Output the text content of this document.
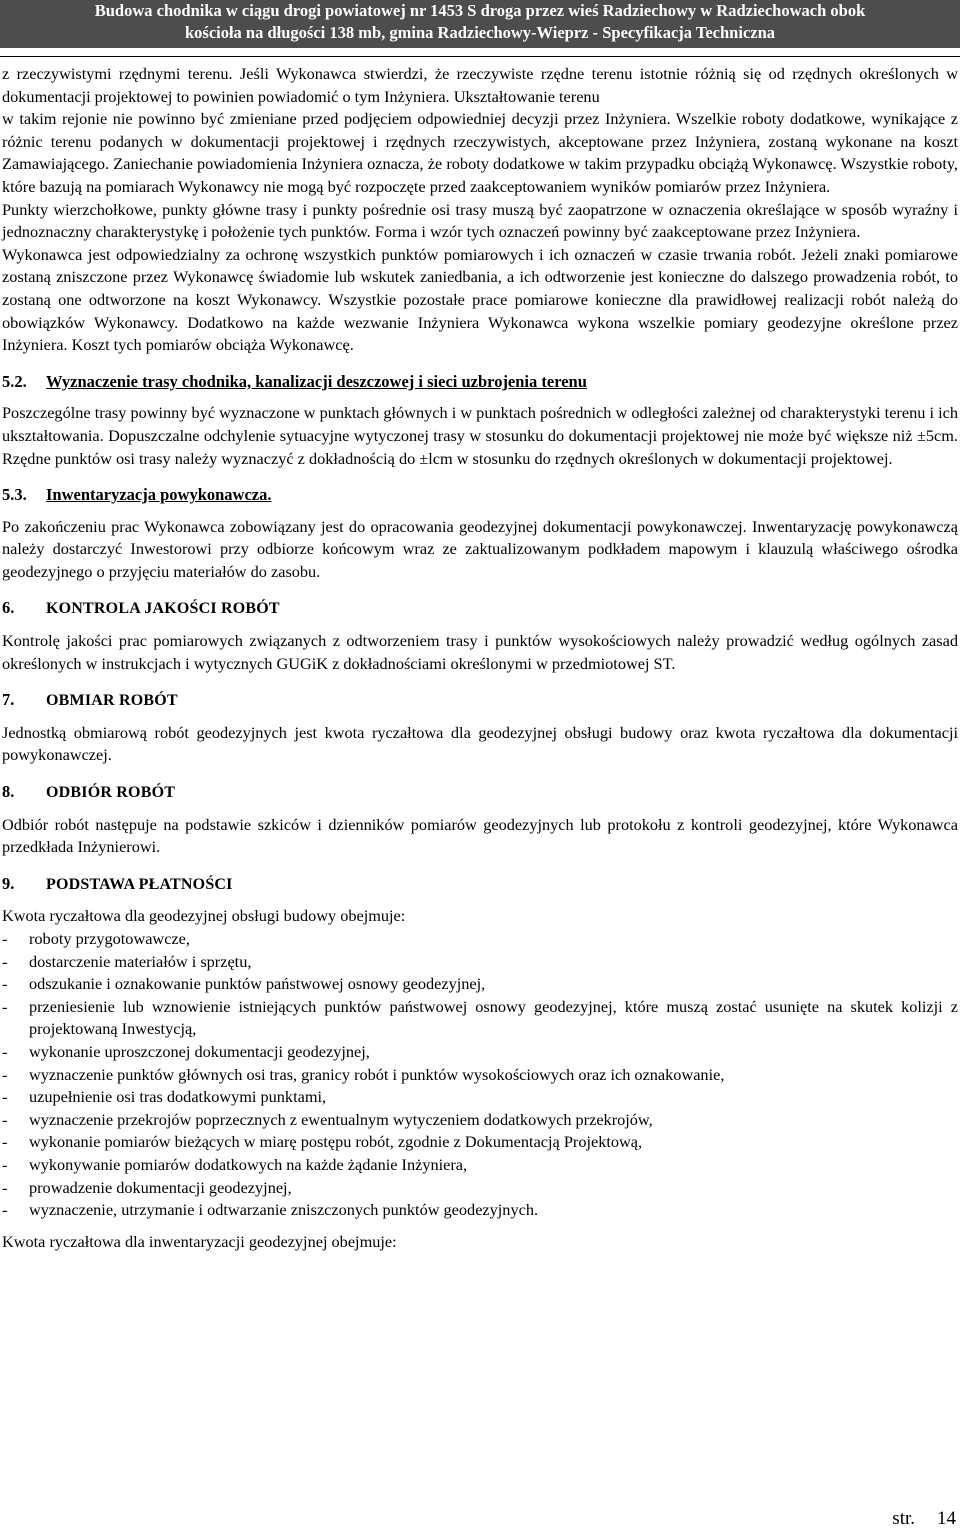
Budowa chodnika w ciągu drogi powiatowej nr 1453 S droga przez wieś Radziechowy w Radziechowach obok
kościoła na długości 138 mb, gmina Radziechowy-Wieprz - Specyfikacja Techniczna

z rzeczywistymi rzędnymi terenu. Jeśli Wykonawca stwierdzi, że rzeczywiste rzędne terenu istotnie różnią się od rzędnych określonych w dokumentacji projektowej to powinien powiadomić o tym Inżyniera. Ukształtowanie terenu

w takim rejonie nie powinno być zmieniane przed podjęciem odpowiedniej decyzji przez Inżyniera. Wszelkie roboty dodatkowe, wynikające z różnic terenu podanych w dokumentacji projektowej i rzędnych rzeczywistych, akceptowane przez Inżyniera, zostaną wykonane na koszt Zamawiającego. Zaniechanie powiadomienia Inżyniera oznacza, że roboty dodatkowe w takim przypadku obciążą Wykonawcę. Wszystkie roboty, które bazują na pomiarach Wykonawcy nie mogą być rozpoczęte przed zaakceptowaniem wyników pomiarów przez Inżyniera.

Punkty wierzchołkowe, punkty główne trasy i punkty pośrednie osi trasy muszą być zaopatrzone w oznaczenia określające w sposób wyraźny i jednoznaczny charakterystykę i położenie tych punktów. Forma i wzór tych oznaczeń powinny być zaakceptowane przez Inżyniera.

Wykonawca jest odpowiedzialny za ochronę wszystkich punktów pomiarowych i ich oznaczeń w czasie trwania robót. Jeżeli znaki pomiarowe zostaną zniszczone przez Wykonawcę świadomie lub wskutek zaniedbania, a ich odtworzenie jest konieczne do dalszego prowadzenia robót, to zostaną one odtworzone na koszt Wykonawcy. Wszystkie pozostałe prace pomiarowe konieczne dla prawidłowej realizacji robót należą do obowiązków Wykonawcy. Dodatkowo na każde wezwanie Inżyniera Wykonawca wykona wszelkie pomiary geodezyjne określone przez Inżyniera. Koszt tych pomiarów obciąża Wykonawcę.

5.2.	Wyznaczenie trasy chodnika, kanalizacji deszczowej i sieci uzbrojenia terenu

Poszczególne trasy powinny być wyznaczone w punktach głównych i w punktach pośrednich w odległości zależnej od charakterystyki terenu i ich ukształtowania. Dopuszczalne odchylenie sytuacyjne wytyczonej trasy w stosunku do dokumentacji projektowej nie może być większe niż ±5cm. Rzędne punktów osi trasy należy wyznaczyć z dokładnością do ±lcm w stosunku do rzędnych określonych w dokumentacji projektowej.

5.3.	Inwentaryzacja powykonawcza.

Po zakończeniu prac Wykonawca zobowiązany jest do opracowania geodezyjnej dokumentacji powykonawczej. Inwentaryzację powykonawczą należy dostarczyć Inwestorowi przy odbiorze końcowym wraz ze zaktualizowanym podkładem mapowym i klauzulą właściwego ośrodka geodezyjnego o przyjęciu materiałów do zasobu.

6.	KONTROLA JAKOŚCI ROBÓT

Kontrolę jakości prac pomiarowych związanych z odtworzeniem trasy i punktów wysokościowych należy prowadzić według ogólnych zasad określonych w instrukcjach i wytycznych GUGiK z dokładnościami określonymi w przedmiotowej ST.

7.	OBMIAR ROBÓT

Jednostką obmiarową robót geodezyjnych jest kwota ryczałtowa dla geodezyjnej obsługi budowy oraz kwota ryczałtowa dla dokumentacji powykonawczej.

8.	ODBIÓR ROBÓT

Odbiór robót następuje na podstawie szkiców i dzienników pomiarów geodezyjnych lub protokołu z kontroli geodezyjnej, które Wykonawca przedkłada Inżynierowi.

9.	PODSTAWA PŁATNOŚCI

Kwota ryczałtowa dla geodezyjnej obsługi budowy obejmuje:

-	roboty przygotowawcze,
-	dostarczenie materiałów i sprzętu,
-	odszukanie i oznakowanie punktów państwowej osnowy geodezyjnej,
-	przeniesienie lub wznowienie istniejących punktów państwowej osnowy geodezyjnej, które muszą zostać usunięte na skutek kolizji z projektowaną Inwestycją,
-	wykonanie uproszczonej dokumentacji geodezyjnej,
-	wyznaczenie punktów głównych osi tras, granicy robót i punktów wysokościowych oraz ich oznakowanie,
-	uzupełnienie osi tras dodatkowymi punktami,
-	wyznaczenie przekrojów poprzecznych z ewentualnym wytyczeniem dodatkowych przekrojów,
-	wykonanie pomiarów bieżących w miarę postępu robót, zgodnie z Dokumentacją Projektową,
-	wykonywanie pomiarów dodatkowych na każde żądanie Inżyniera,
-	prowadzenie dokumentacji geodezyjnej,
-	wyznaczenie, utrzymanie i odtwarzanie zniszczonych punktów geodezyjnych.

Kwota ryczałtowa dla inwentaryzacji geodezyjnej obejmuje:

str. 14
